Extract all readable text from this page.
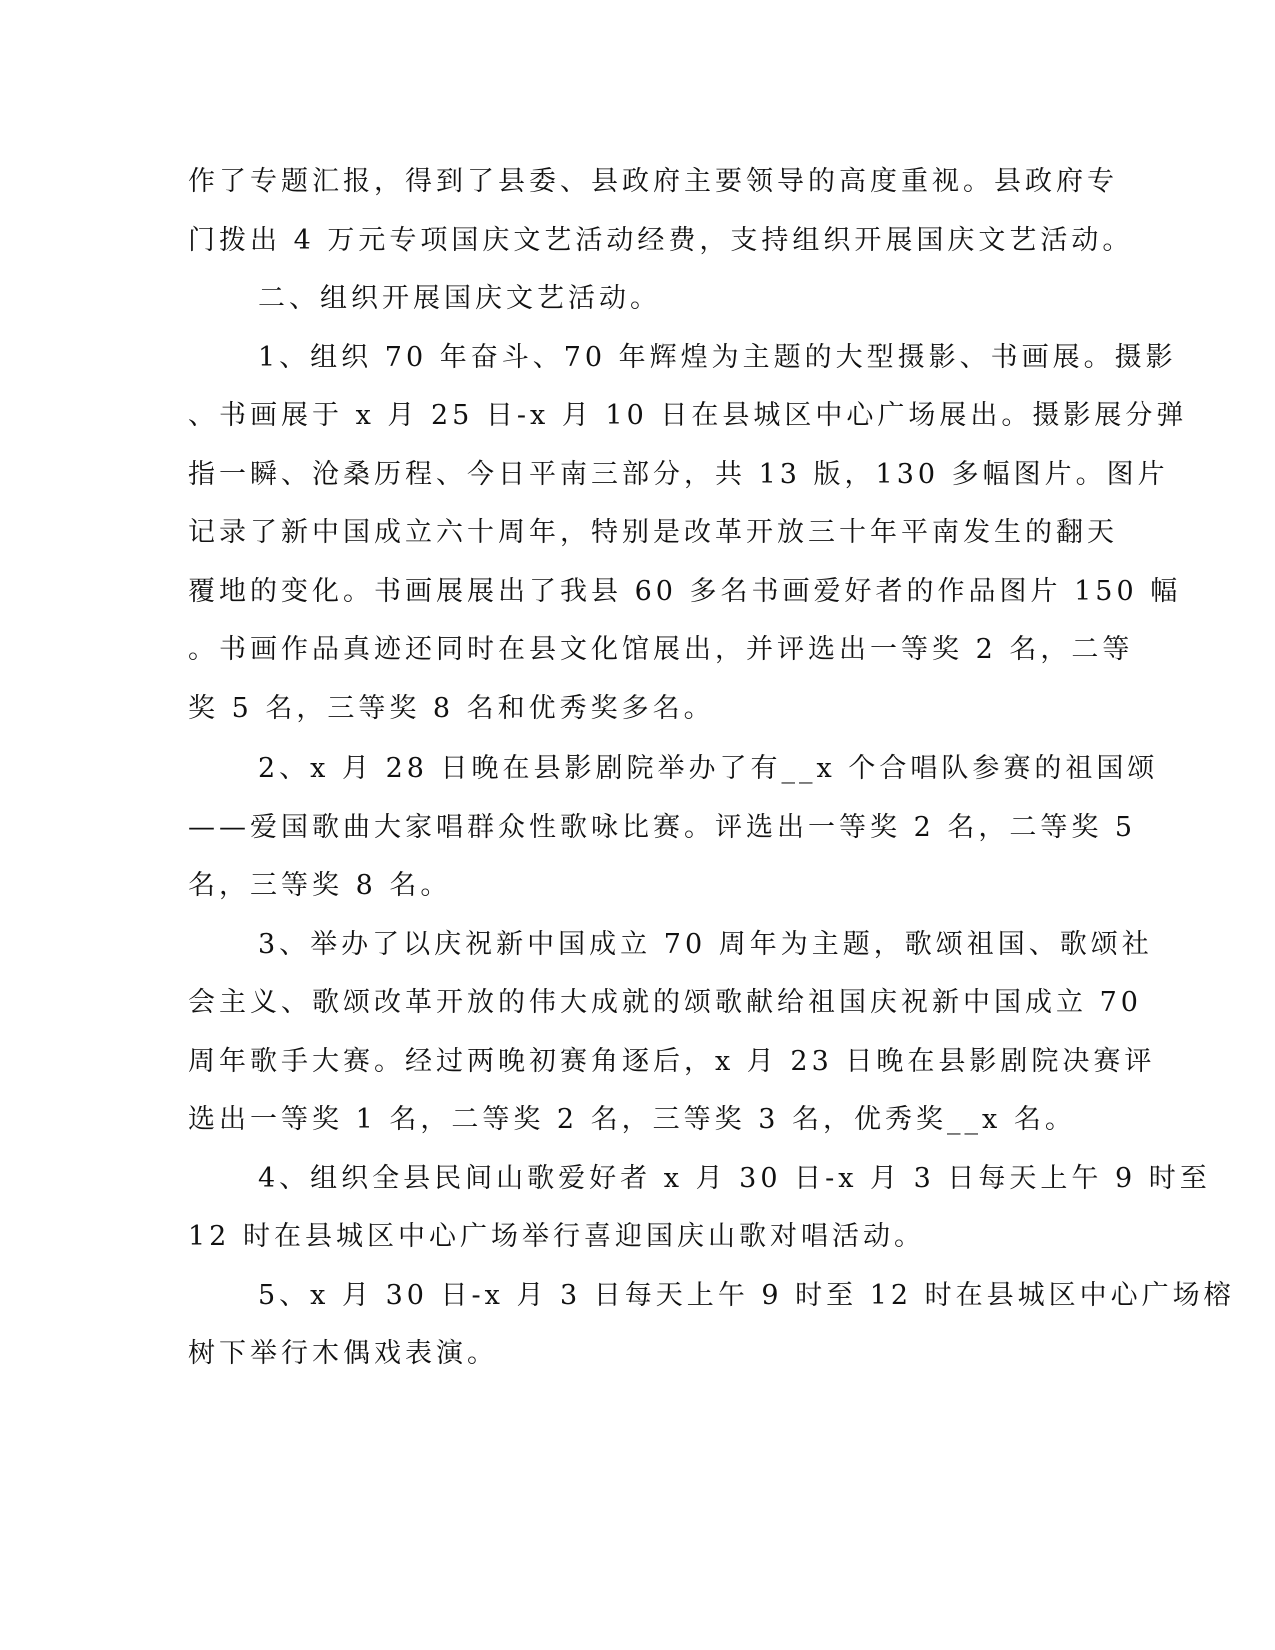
作了专题汇报，得到了县委、县政府主要领导的高度重视。县政府专
门拨出 4 万元专项国庆文艺活动经费，支持组织开展国庆文艺活动。
二、组织开展国庆文艺活动。
1、组织 70 年奋斗、70 年辉煌为主题的大型摄影、书画展。摄影
、书画展于 x 月 25 日-x 月 10 日在县城区中心广场展出。摄影展分弹
指一瞬、沧桑历程、今日平南三部分，共 13 版，130 多幅图片。图片
记录了新中国成立六十周年，特别是改革开放三十年平南发生的翻天
覆地的变化。书画展展出了我县 60 多名书画爱好者的作品图片 150 幅
。书画作品真迹还同时在县文化馆展出，并评选出一等奖 2 名，二等
奖 5 名，三等奖 8 名和优秀奖多名。
2、x 月 28 日晚在县影剧院举办了有__x 个合唱队参赛的祖国颂
——爱国歌曲大家唱群众性歌咏比赛。评选出一等奖 2 名，二等奖 5
名，三等奖 8 名。
3、举办了以庆祝新中国成立 70 周年为主题，歌颂祖国、歌颂社
会主义、歌颂改革开放的伟大成就的颂歌献给祖国庆祝新中国成立 70
周年歌手大赛。经过两晚初赛角逐后，x 月 23 日晚在县影剧院决赛评
选出一等奖 1 名，二等奖 2 名，三等奖 3 名，优秀奖__x 名。
4、组织全县民间山歌爱好者 x 月 30 日-x 月 3 日每天上午 9 时至
12 时在县城区中心广场举行喜迎国庆山歌对唱活动。
5、x 月 30 日-x 月 3 日每天上午 9 时至 12 时在县城区中心广场榕
树下举行木偶戏表演。
